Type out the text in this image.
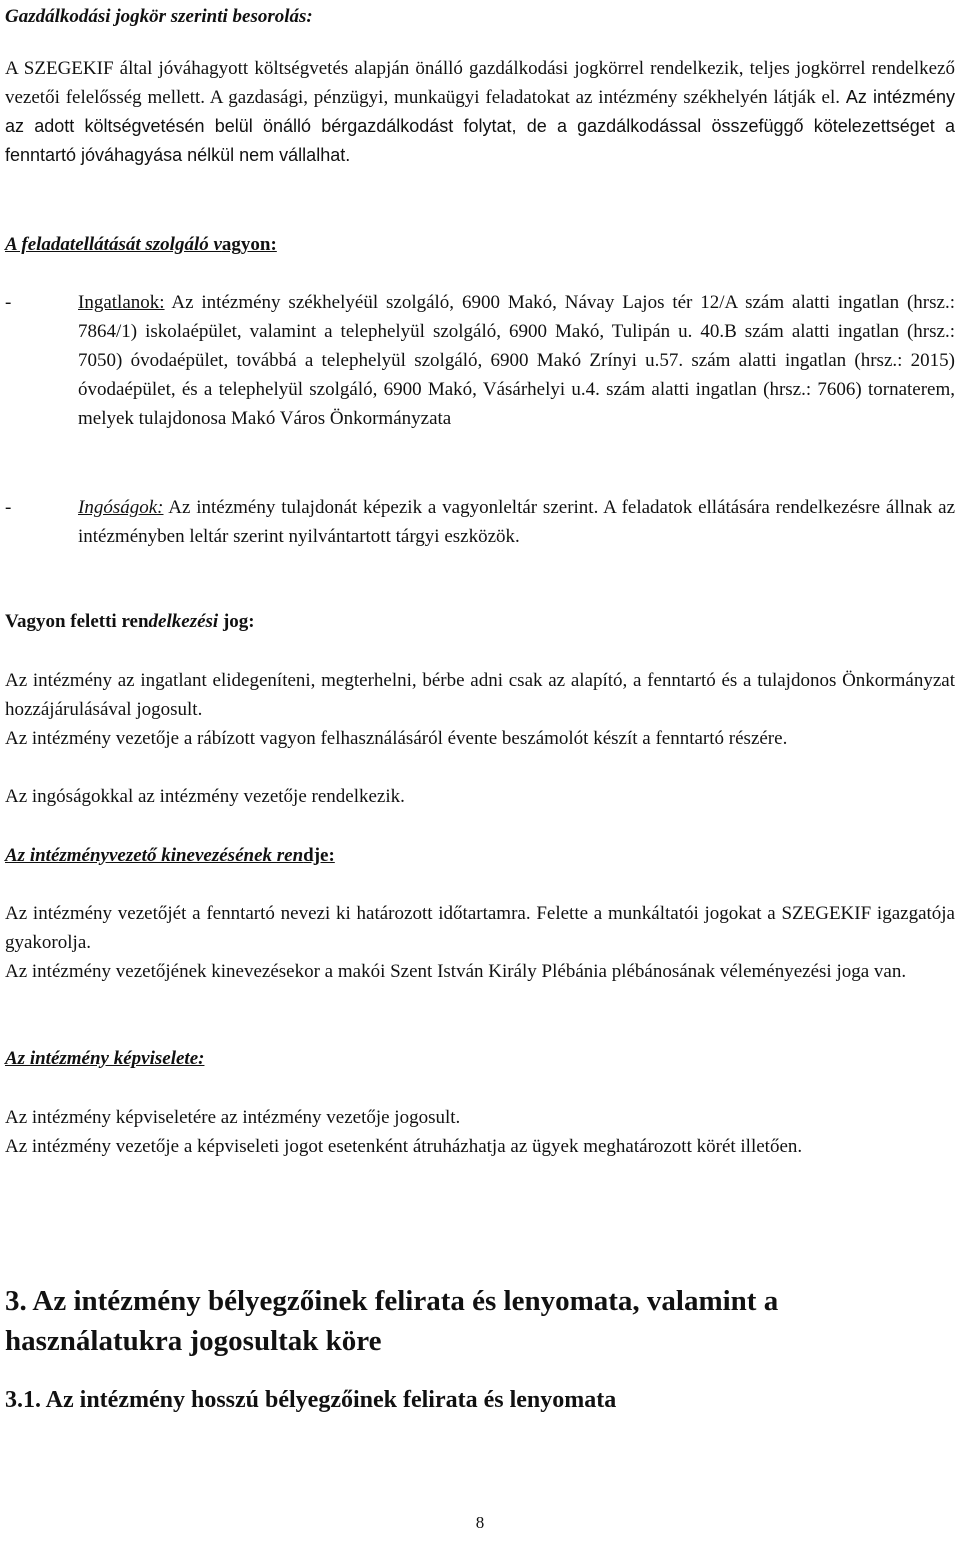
Gazdálkodási jogkör szerinti besorolás:

A SZEGEKIF által jóváhagyott költségvetés alapján önálló gazdálkodási jogkörrel rendelkezik, teljes jogkörrel rendelkező vezetői felelősség mellett. A gazdasági, pénzügyi, munkaügyi feladatokat az intézmény székhelyén látják el. Az intézmény az adott költségvetésén belül önálló bérgazdálkodást folytat, de a gazdálkodással összefüggő kötelezettséget a fenntartó jóváhagyása nélkül nem vállalhat.

A feladatellátását szolgáló vagyon:

-	Ingatlanok: Az intézmény székhelyéül szolgáló, 6900 Makó, Návay Lajos tér 12/A szám alatti ingatlan (hrsz.: 7864/1) iskolaépület, valamint a telephelyül szolgáló, 6900 Makó, Tulipán u. 40.B szám alatti ingatlan (hrsz.: 7050) óvodaépület, továbbá a telephelyül szolgáló, 6900 Makó Zrínyi u.57. szám alatti ingatlan (hrsz.: 2015) óvodaépület, és a telephelyül szolgáló, 6900 Makó, Vásárhelyi u.4. szám alatti ingatlan (hrsz.: 7606) tornaterem, melyek tulajdonosa Makó Város Önkormányzata

-	Ingóságok: Az intézmény tulajdonát képezik a vagyonleltár szerint. A feladatok ellátására rendelkezésre állnak az intézményben leltár szerint nyilvántartott tárgyi eszközök.

Vagyon feletti rendelkezési jog:

Az intézmény az ingatlant elidegeníteni, megterhelni, bérbe adni csak az alapító, a fenntartó és a tulajdonos Önkormányzat hozzájárulásával jogosult.

Az intézmény vezetője a rábízott vagyon felhasználásáról évente beszámolót készít a fenntartó részére.

Az ingóságokkal az intézmény vezetője rendelkezik.

Az intézményvezető kinevezésének rendje:

Az intézmény vezetőjét a fenntartó nevezi ki határozott időtartamra. Felette a munkáltatói jogokat a SZEGEKIF igazgatója gyakorolja.

Az intézmény vezetőjének kinevezésekor a makói Szent István Király Plébánia plébánosának véleményezési joga van.

Az intézmény képviselete:

Az intézmény képviseletére az intézmény vezetője jogosult.

Az intézmény vezetője a képviseleti jogot esetenként átruházhatja az ügyek meghatározott körét illetően.

3. Az intézmény bélyegzőinek felirata és lenyomata, valamint a használatukra jogosultak köre

3.1. Az intézmény hosszú bélyegzőinek felirata és lenyomata

8
